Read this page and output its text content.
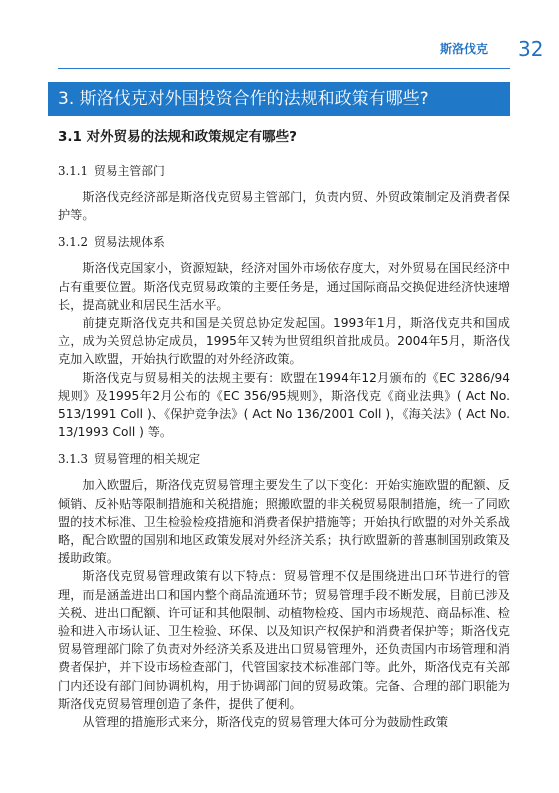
斯洛伐克 32
3. 斯洛伐克对外国投资合作的法规和政策有哪些?
3.1 对外贸易的法规和政策规定有哪些?
3.1.1 贸易主管部门

斯洛伐克经济部是斯洛伐克贸易主管部门，负责内贸、外贸政策制定及消费者保护等。

3.1.2 贸易法规体系

斯洛伐克国家小，资源短缺，经济对国外市场依存度大，对外贸易在国民经济中占有重要位置。斯洛伐克贸易政策的主要任务是，通过国际商品交换促进经济快速增长，提高就业和居民生活水平。

前捷克斯洛伐克共和国是关贸总协定发起国。1993年1月，斯洛伐克共和国成立，成为关贸总协定成员，1995年又转为世贸组织首批成员。2004年5月，斯洛伐克加入欧盟，开始执行欧盟的对外经济政策。

斯洛伐克与贸易相关的法规主要有：欧盟在1994年12月颁布的《EC 3286/94规则》及1995年2月公布的《EC 356/95规则》，斯洛伐克《商业法典》( Act No. 513/1991 Coll )、《保护竞争法》( Act No 136/2001 Coll )，《海关法》( Act No. 13/1993 Coll ) 等。

3.1.3 贸易管理的相关规定

加入欧盟后，斯洛伐克贸易管理主要发生了以下变化：开始实施欧盟的配额、反倾销、反补贴等限制措施和关税措施；照搬欧盟的非关税贸易限制措施，统一了同欧盟的技术标准、卫生检验检疫措施和消费者保护措施等；开始执行欧盟的对外关系战略，配合欧盟的国别和地区政策发展对外经济关系；执行欧盟新的普惠制国别政策及援助政策。

斯洛伐克贸易管理政策有以下特点：贸易管理不仅是围绕进出口环节进行的管理，而是涵盖进出口和国内整个商品流通环节；贸易管理手段不断发展，目前已涉及关税、进出口配额、许可证和其他限制、动植物检疫、国内市场规范、商品标准、检验和进入市场认证、卫生检验、环保、以及知识产权保护和消费者保护等；斯洛伐克贸易管理部门除了负责对外经济关系及进出口贸易管理外，还负责国内市场管理和消费者保护，并下设市场检查部门，代管国家技术标准部门等。此外，斯洛伐克有关部门内还设有部门间协调机构，用于协调部门间的贸易政策。完备、合理的部门职能为斯洛伐克贸易管理创造了条件，提供了便利。

从管理的措施形式来分，斯洛伐克的贸易管理大体可分为鼓励性政策
